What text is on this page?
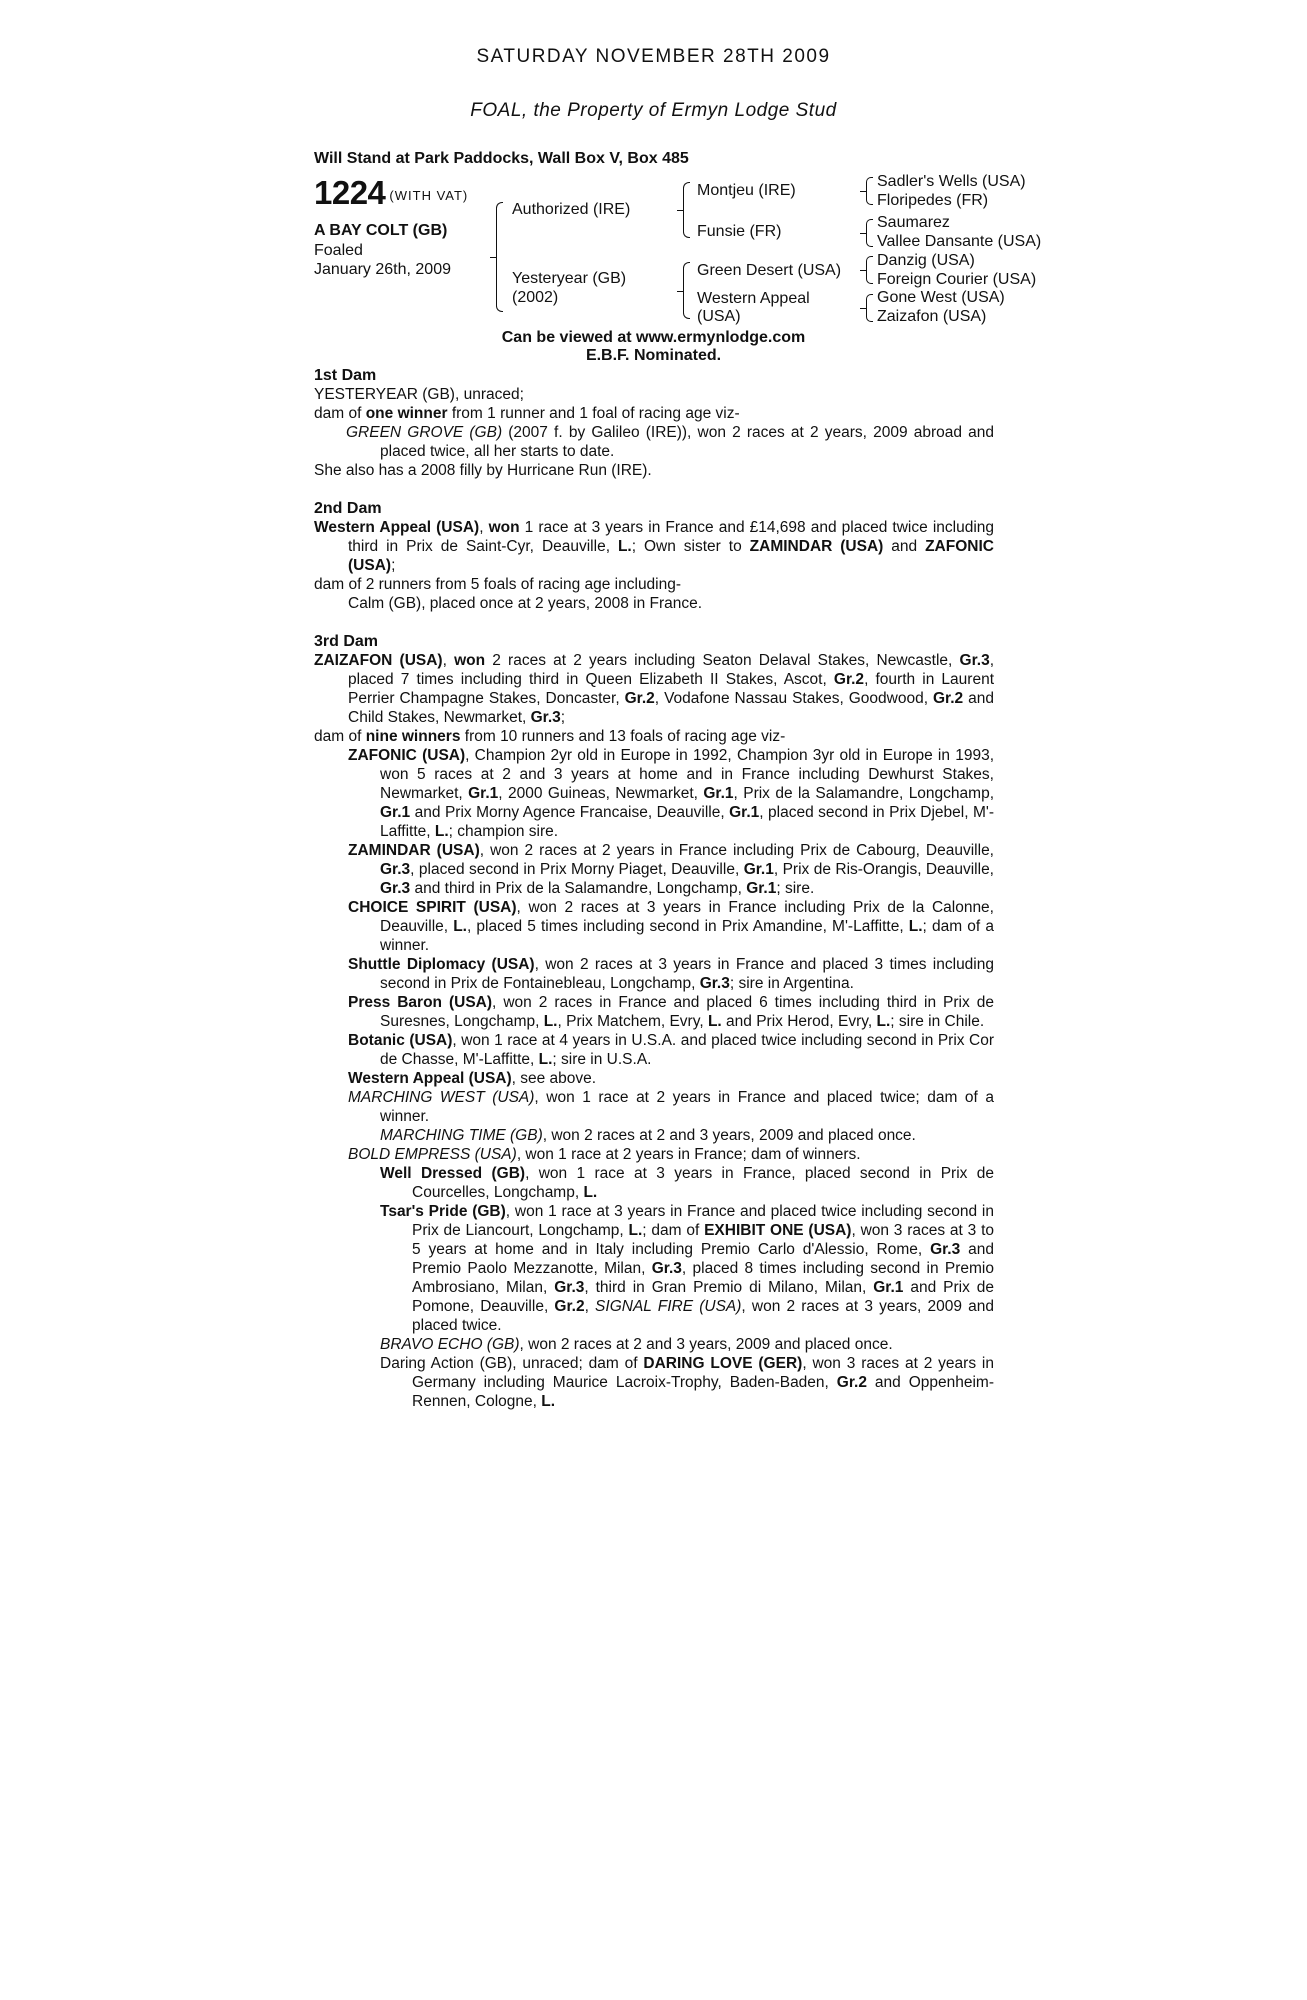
SATURDAY NOVEMBER 28TH 2009
FOAL, the Property of Ermyn Lodge Stud
Will Stand at Park Paddocks, Wall Box V, Box 485
1224 (WITH VAT)
A BAY COLT (GB)
Foaled
January 26th, 2009
Authorized (IRE)
Yesteryear (GB)
(2002)
Montjeu (IRE)
Funsie (FR)
Green Desert (USA)
Western Appeal
(USA)
Sadler's Wells (USA)
Floripedes (FR)
Saumarez
Vallee Dansante (USA)
Danzig (USA)
Foreign Courier (USA)
Gone West (USA)
Zaizafon (USA)
Can be viewed at www.ermynlodge.com
E.B.F. Nominated.

1st Dam

YESTERYEAR (GB), unraced;

dam of one winner from 1 runner and 1 foal of racing age viz-

GREEN GROVE (GB) (2007 f. by Galileo (IRE)), won 2 races at 2 years, 2009 abroad and placed twice, all her starts to date.

She also has a 2008 filly by Hurricane Run (IRE).

2nd Dam

Western Appeal (USA), won 1 race at 3 years in France and £14,698 and placed twice including third in Prix de Saint-Cyr, Deauville, L.; Own sister to ZAMINDAR (USA) and ZAFONIC (USA);

dam of 2 runners from 5 foals of racing age including-

Calm (GB), placed once at 2 years, 2008 in France.

3rd Dam

ZAIZAFON (USA), won 2 races at 2 years including Seaton Delaval Stakes, Newcastle, Gr.3, placed 7 times including third in Queen Elizabeth II Stakes, Ascot, Gr.2, fourth in Laurent Perrier Champagne Stakes, Doncaster, Gr.2, Vodafone Nassau Stakes, Goodwood, Gr.2 and Child Stakes, Newmarket, Gr.3;

dam of nine winners from 10 runners and 13 foals of racing age viz-

ZAFONIC (USA), Champion 2yr old in Europe in 1992, Champion 3yr old in Europe in 1993, won 5 races at 2 and 3 years at home and in France including Dewhurst Stakes, Newmarket, Gr.1, 2000 Guineas, Newmarket, Gr.1, Prix de la Salamandre, Longchamp, Gr.1 and Prix Morny Agence Francaise, Deauville, Gr.1, placed second in Prix Djebel, M'-Laffitte, L.; champion sire.

ZAMINDAR (USA), won 2 races at 2 years in France including Prix de Cabourg, Deauville, Gr.3, placed second in Prix Morny Piaget, Deauville, Gr.1, Prix de Ris-Orangis, Deauville, Gr.3 and third in Prix de la Salamandre, Longchamp, Gr.1; sire.

CHOICE SPIRIT (USA), won 2 races at 3 years in France including Prix de la Calonne, Deauville, L., placed 5 times including second in Prix Amandine, M'-Laffitte, L.; dam of a winner.

Shuttle Diplomacy (USA), won 2 races at 3 years in France and placed 3 times including second in Prix de Fontainebleau, Longchamp, Gr.3; sire in Argentina.

Press Baron (USA), won 2 races in France and placed 6 times including third in Prix de Suresnes, Longchamp, L., Prix Matchem, Evry, L. and Prix Herod, Evry, L.; sire in Chile.

Botanic (USA), won 1 race at 4 years in U.S.A. and placed twice including second in Prix Cor de Chasse, M'-Laffitte, L.; sire in U.S.A.

Western Appeal (USA), see above.

MARCHING WEST (USA), won 1 race at 2 years in France and placed twice; dam of a winner.

MARCHING TIME (GB), won 2 races at 2 and 3 years, 2009 and placed once.

BOLD EMPRESS (USA), won 1 race at 2 years in France; dam of winners.

Well Dressed (GB), won 1 race at 3 years in France, placed second in Prix de Courcelles, Longchamp, L.

Tsar's Pride (GB), won 1 race at 3 years in France and placed twice including second in Prix de Liancourt, Longchamp, L.; dam of EXHIBIT ONE (USA), won 3 races at 3 to 5 years at home and in Italy including Premio Carlo d'Alessio, Rome, Gr.3 and Premio Paolo Mezzanotte, Milan, Gr.3, placed 8 times including second in Premio Ambrosiano, Milan, Gr.3, third in Gran Premio di Milano, Milan, Gr.1 and Prix de Pomone, Deauville, Gr.2, SIGNAL FIRE (USA), won 2 races at 3 years, 2009 and placed twice.

BRAVO ECHO (GB), won 2 races at 2 and 3 years, 2009 and placed once.

Daring Action (GB), unraced; dam of DARING LOVE (GER), won 3 races at 2 years in Germany including Maurice Lacroix-Trophy, Baden-Baden, Gr.2 and Oppenheim-Rennen, Cologne, L.
